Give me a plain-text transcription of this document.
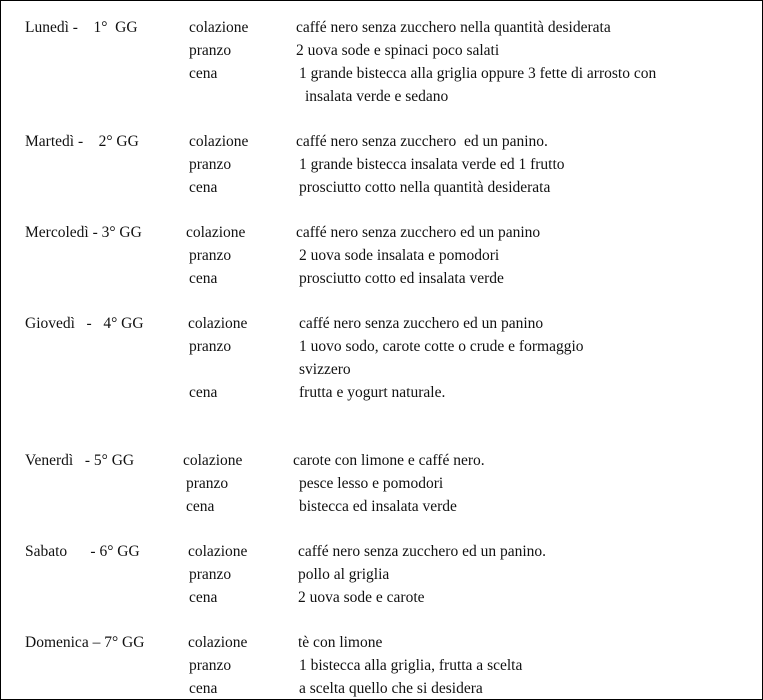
Lunedì -    1°  GG	colazione	caffé nero senza zucchero nella quantità desiderata
pranzo	2 uova sode e spinaci poco salati
cena	1 grande bistecca alla griglia oppure 3 fette di arrosto con
insalata verde e sedano
Martedì -    2° GG	colazione	caffé nero senza zucchero  ed un panino.
pranzo	1 grande bistecca insalata verde ed 1 frutto
cena	prosciutto cotto nella quantità desiderata
Mercoledì - 3° GG	colazione	caffé nero senza zucchero ed un panino
pranzo	2 uova sode insalata e pomodori
cena	prosciutto cotto ed insalata verde
Giovedì   -   4° GG	colazione	caffé nero senza zucchero ed un panino
pranzo	1 uovo sodo, carote cotte o crude e formaggio
svizzero
cena	frutta e yogurt naturale.
Venerdì   - 5° GG	colazione	carote con limone e caffé nero.
pranzo	pesce lesso e pomodori
cena	bistecca ed insalata verde
Sabato      - 6° GG	colazione	caffé nero senza zucchero ed un panino.
pranzo	pollo al griglia
cena	2 uova sode e carote
Domenica – 7° GG	colazione	tè con limone
pranzo	1 bistecca alla griglia, frutta a scelta
cena	a scelta quello che si desidera
